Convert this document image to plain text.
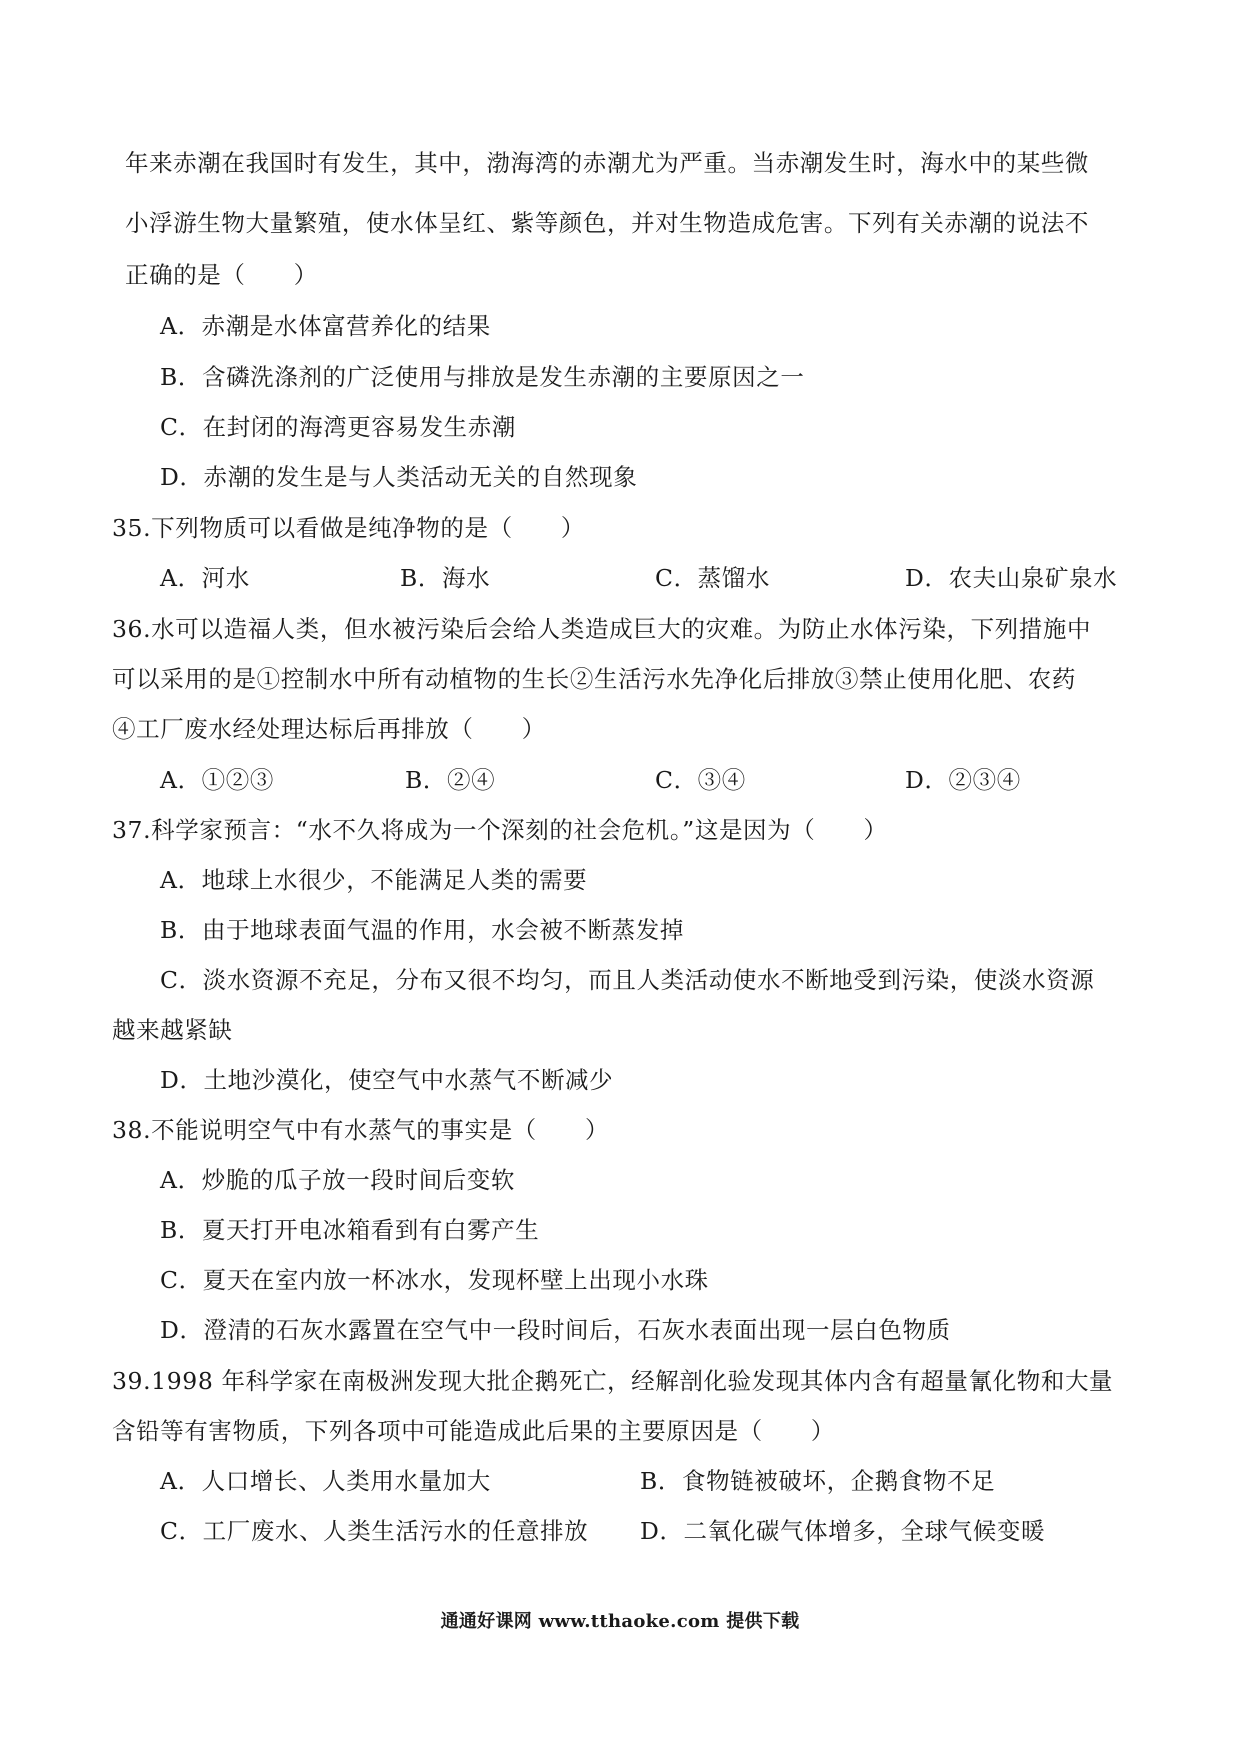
年来赤潮在我国时有发生，其中，渤海湾的赤潮尤为严重。当赤潮发生时，海水中的某些微
小浮游生物大量繁殖，使水体呈红、紫等颜色，并对生物造成危害。下列有关赤潮的说法不
正确的是（　　）
A．赤潮是水体富营养化的结果
B．含磷洗涤剂的广泛使用与排放是发生赤潮的主要原因之一
C．在封闭的海湾更容易发生赤潮
D．赤潮的发生是与人类活动无关的自然现象
35.下列物质可以看做是纯净物的是（　　）
A．河水	B．海水	C．蒸馏水	D．农夫山泉矿泉水
36.水可以造福人类，但水被污染后会给人类造成巨大的灾难。为防止水体污染，下列措施中
可以采用的是①控制水中所有动植物的生长②生活污水先净化后排放③禁止使用化肥、农药
④工厂废水经处理达标后再排放（　　）
A．①②③	B．②④	C．③④	D．②③④
37.科学家预言：“水不久将成为一个深刻的社会危机。”这是因为（　　）
A．地球上水很少，不能满足人类的需要
B．由于地球表面气温的作用，水会被不断蒸发掉
C．淡水资源不充足，分布又很不均匀，而且人类活动使水不断地受到污染，使淡水资源
越来越紧缺
D．土地沙漠化，使空气中水蒸气不断减少
38.不能说明空气中有水蒸气的事实是（　　）
A．炒脆的瓜子放一段时间后变软
B．夏天打开电冰箱看到有白雾产生
C．夏天在室内放一杯冰水，发现杯壁上出现小水珠
D．澄清的石灰水露置在空气中一段时间后，石灰水表面出现一层白色物质
39.1998 年科学家在南极洲发现大批企鹅死亡，经解剖化验发现其体内含有超量氰化物和大量
含铅等有害物质，下列各项中可能造成此后果的主要原因是（　　）
A．人口增长、人类用水量加大	B．食物链被破坏，企鹅食物不足
C．工厂废水、人类生活污水的任意排放 D．二氧化碳气体增多，全球气候变暖
通通好课网 www.tthaoke.com 提供下载
